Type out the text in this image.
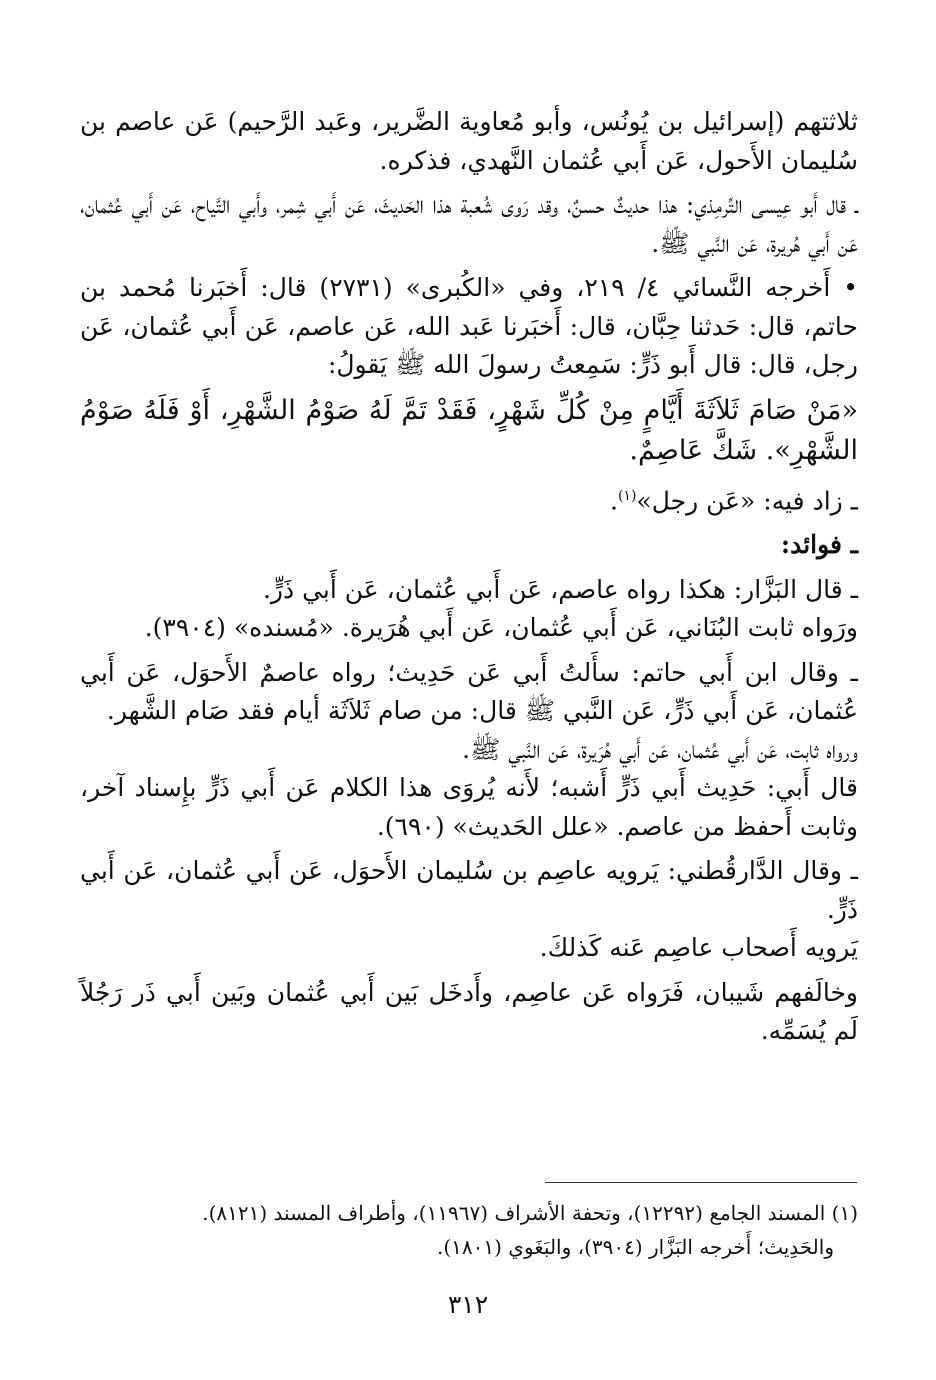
ثلاثتهم (إسرائيل بن يُونُس، وأبو مُعاوية الضَّرير، وعَبد الرَّحيم) عَن عاصم بن سُليمان الأَحول، عَن أَبي عُثمان النَّهدي، فذكره.

ـ قال أَبو عِيسى التِّرمِذي: هذا حديثٌ حسنٌ، وقد رَوى شُعبة هذا الحَديثَ، عَن أَبي شِمر، وأَبي التَّياح، عَن أَبي عُثمان، عَن أَبي هُريرة، عَن النَّبي ﷺ.

• أَخرجه النَّسائي ٤/ ٢١٩، وفي «الكُبرى» (٢٧٣١) قال: أَخبَرنا مُحمد بن حاتم، قال: حَدثنا حِبَّان، قال: أَخبَرنا عَبد الله، عَن عاصم، عَن أَبي عُثمان، عَن رجل، قال: قال أَبو ذَرٍّ: سَمِعتُ رسولَ الله ﷺ يَقولُ:

«مَنْ صَامَ ثَلاَثَةَ أَيَّامٍ مِنْ كُلِّ شَهْرٍ، فَقَدْ تَمَّ لَهُ صَوْمُ الشَّهْرِ، أَوْ فَلَهُ صَوْمُ الشَّهْرِ». شَكَّ عَاصِمٌ.

ـ زاد فيه: «عَن رجل»$^{(١)}$.

ـ فوائد:

ـ قال البَزَّار: هكذا رواه عاصم، عَن أَبي عُثمان، عَن أَبي ذَرٍّ.

ورَواه ثابت البُنَاني، عَن أَبي عُثمان، عَن أَبي هُرَيرة. «مُسنده» (٣٩٠٤).

ـ وقال ابن أَبي حاتم: سأَلتُ أَبي عَن حَدِيث؛ رواه عاصمٌ الأَحوَل، عَن أَبي عُثمان، عَن أَبي ذَرٍّ، عَن النَّبي ﷺ قال: من صام ثَلاَثَة أيام فقد صَام الشَّهر.

ورواه ثابت، عَن أَبي عُثمان، عَن أَبي هُرَيرة، عَن النَّبي ﷺ.

قال أَبي: حَدِيث أَبي ذَرٍّ أَشبه؛ لأَنه يُروَى هذا الكلام عَن أَبي ذَرٍّ بإِسناد آخر، وثابت أَحفظ من عاصم. «علل الحَديث» (٦٩٠).

ـ وقال الدَّارقُطني: يَرويه عاصِم بن سُليمان الأَحوَل، عَن أَبي عُثمان، عَن أَبي ذَرٍّ.

يَرويه أَصحاب عاصِم عَنه كَذلكَ.

وخالَفهم شَيبان، فَرَواه عَن عاصِم، وأَدخَل بَين أَبي عُثمان وبَين أَبي ذَر رَجُلاً لَم يُسَمِّه.

(١) المسند الجامع (١٢٢٩٢)، وتحفة الأشراف (١١٩٦٧)، وأطراف المسند (٨١٢١).

والحَدِيث؛ أَخرجه البَزَّار (٣٩٠٤)، والبَغَوي (١٨٠١).

٣١٢
